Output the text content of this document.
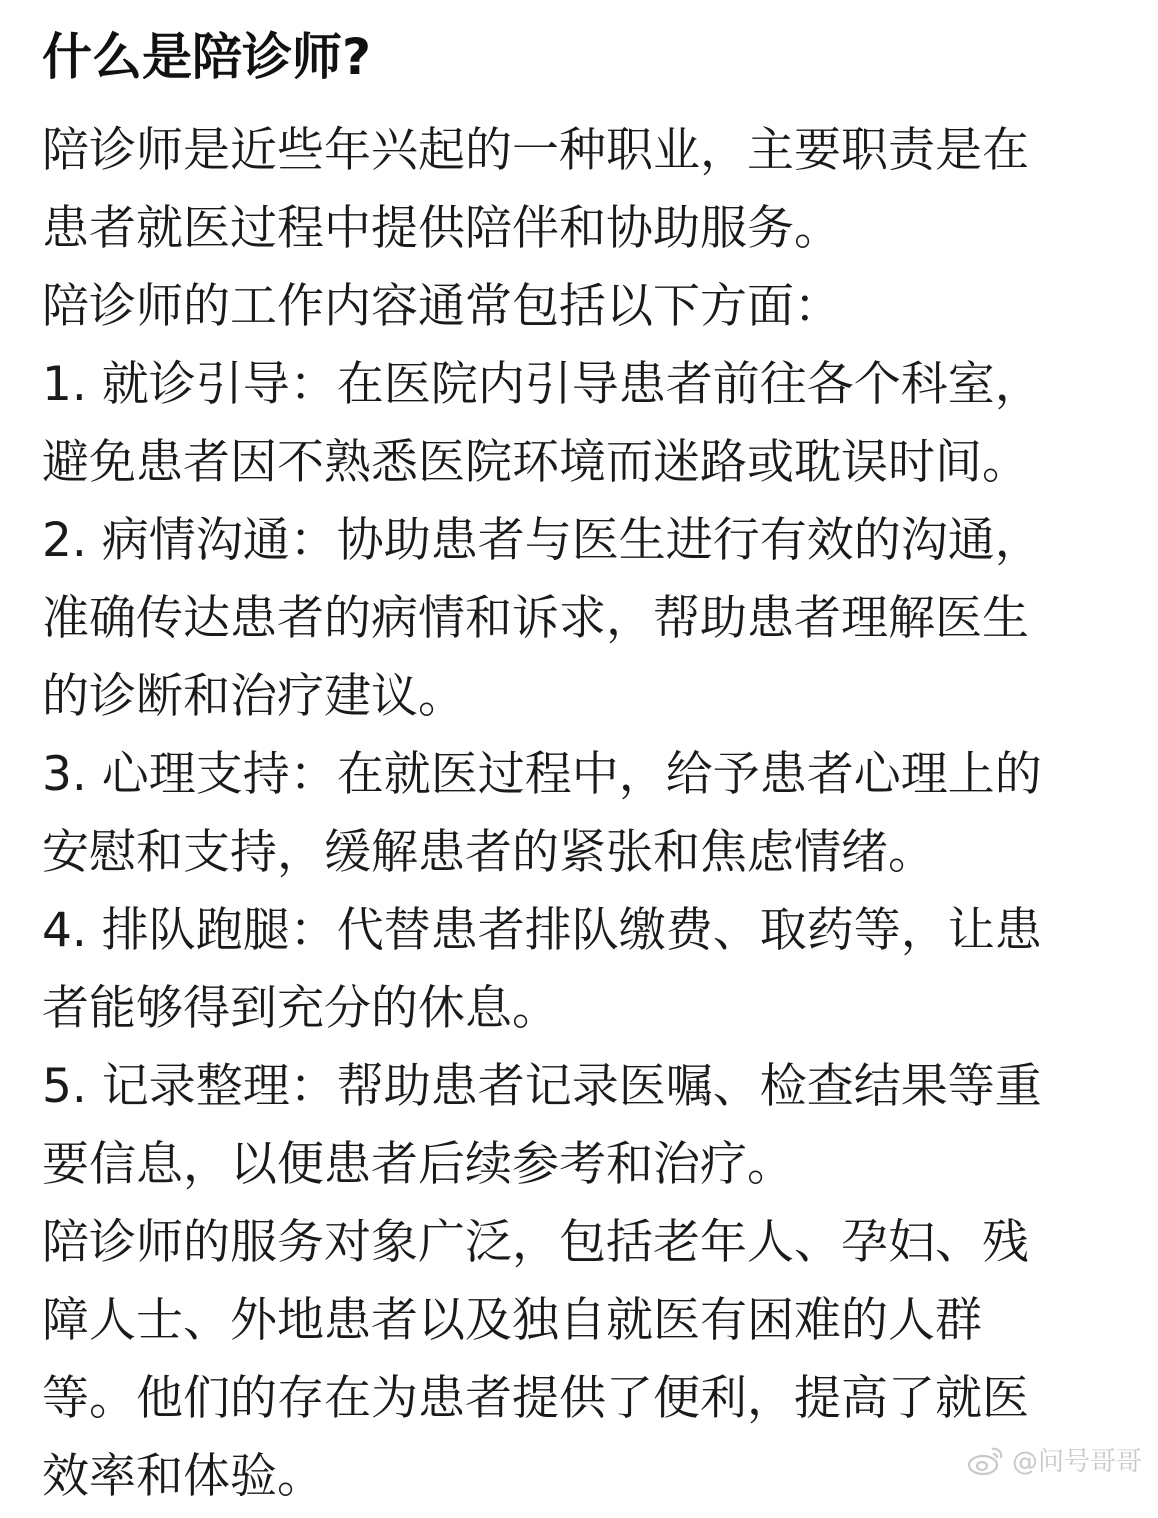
什么是陪诊师?
陪诊师是近些年兴起的一种职业，主要职责是在
患者就医过程中提供陪伴和协助服务。
陪诊师的工作内容通常包括以下方面：
1. 就诊引导：在医院内引导患者前往各个科室，
避免患者因不熟悉医院环境而迷路或耽误时间。
2. 病情沟通：协助患者与医生进行有效的沟通，
准确传达患者的病情和诉求，帮助患者理解医生
的诊断和治疗建议。
3. 心理支持：在就医过程中，给予患者心理上的
安慰和支持，缓解患者的紧张和焦虑情绪。
4. 排队跑腿：代替患者排队缴费、取药等，让患
者能够得到充分的休息。
5. 记录整理：帮助患者记录医嘱、检查结果等重
要信息，以便患者后续参考和治疗。
陪诊师的服务对象广泛，包括老年人、孕妇、残
障人士、外地患者以及独自就医有困难的人群
等。他们的存在为患者提供了便利，提高了就医
效率和体验。	@问号哥哥
